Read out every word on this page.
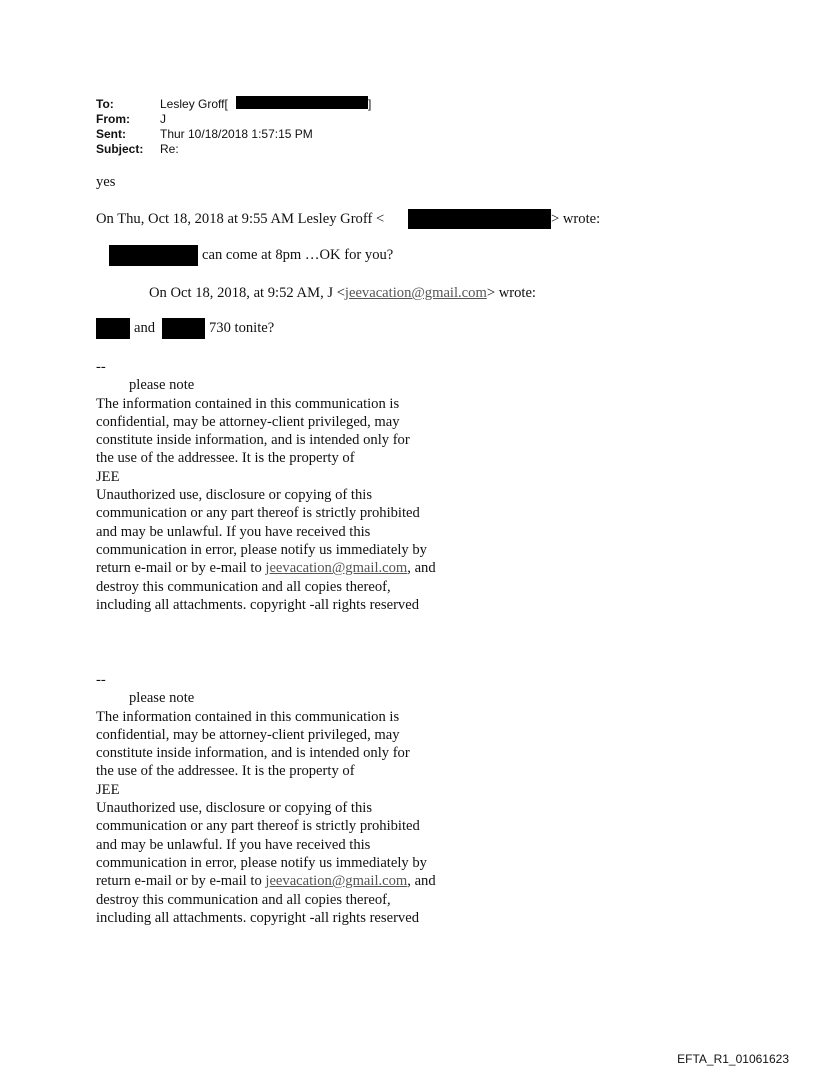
To:	Lesley Groff[	]
From:	J
Sent:	Thur 10/18/2018 1:57:15 PM
Subject: Re:
yes
On Thu, Oct 18, 2018 at 9:55 AM Lesley Groff <	> wrote:
can come at 8pm …OK for you?
On Oct 18, 2018, at 9:52 AM, J <jeevacation@gmail.com> wrote:
and	730 tonite?
--
please note
The information contained in this communication is
confidential, may be attorney-client privileged, may
constitute inside information, and is intended only for
the use of the addressee. It is the property of
JEE
Unauthorized use, disclosure or copying of this
communication or any part thereof is strictly prohibited
and may be unlawful. If you have received this
communication in error, please notify us immediately by
return e-mail or by e-mail to jeevacation@gmail.com, and
destroy this communication and all copies thereof,
including all attachments. copyright -all rights reserved
--
please note
The information contained in this communication is
confidential, may be attorney-client privileged, may
constitute inside information, and is intended only for
the use of the addressee. It is the property of
JEE
Unauthorized use, disclosure or copying of this
communication or any part thereof is strictly prohibited
and may be unlawful. If you have received this
communication in error, please notify us immediately by
return e-mail or by e-mail to jeevacation@gmail.com, and
destroy this communication and all copies thereof,
including all attachments. copyright -all rights reserved
EFTA_R1_01061623
